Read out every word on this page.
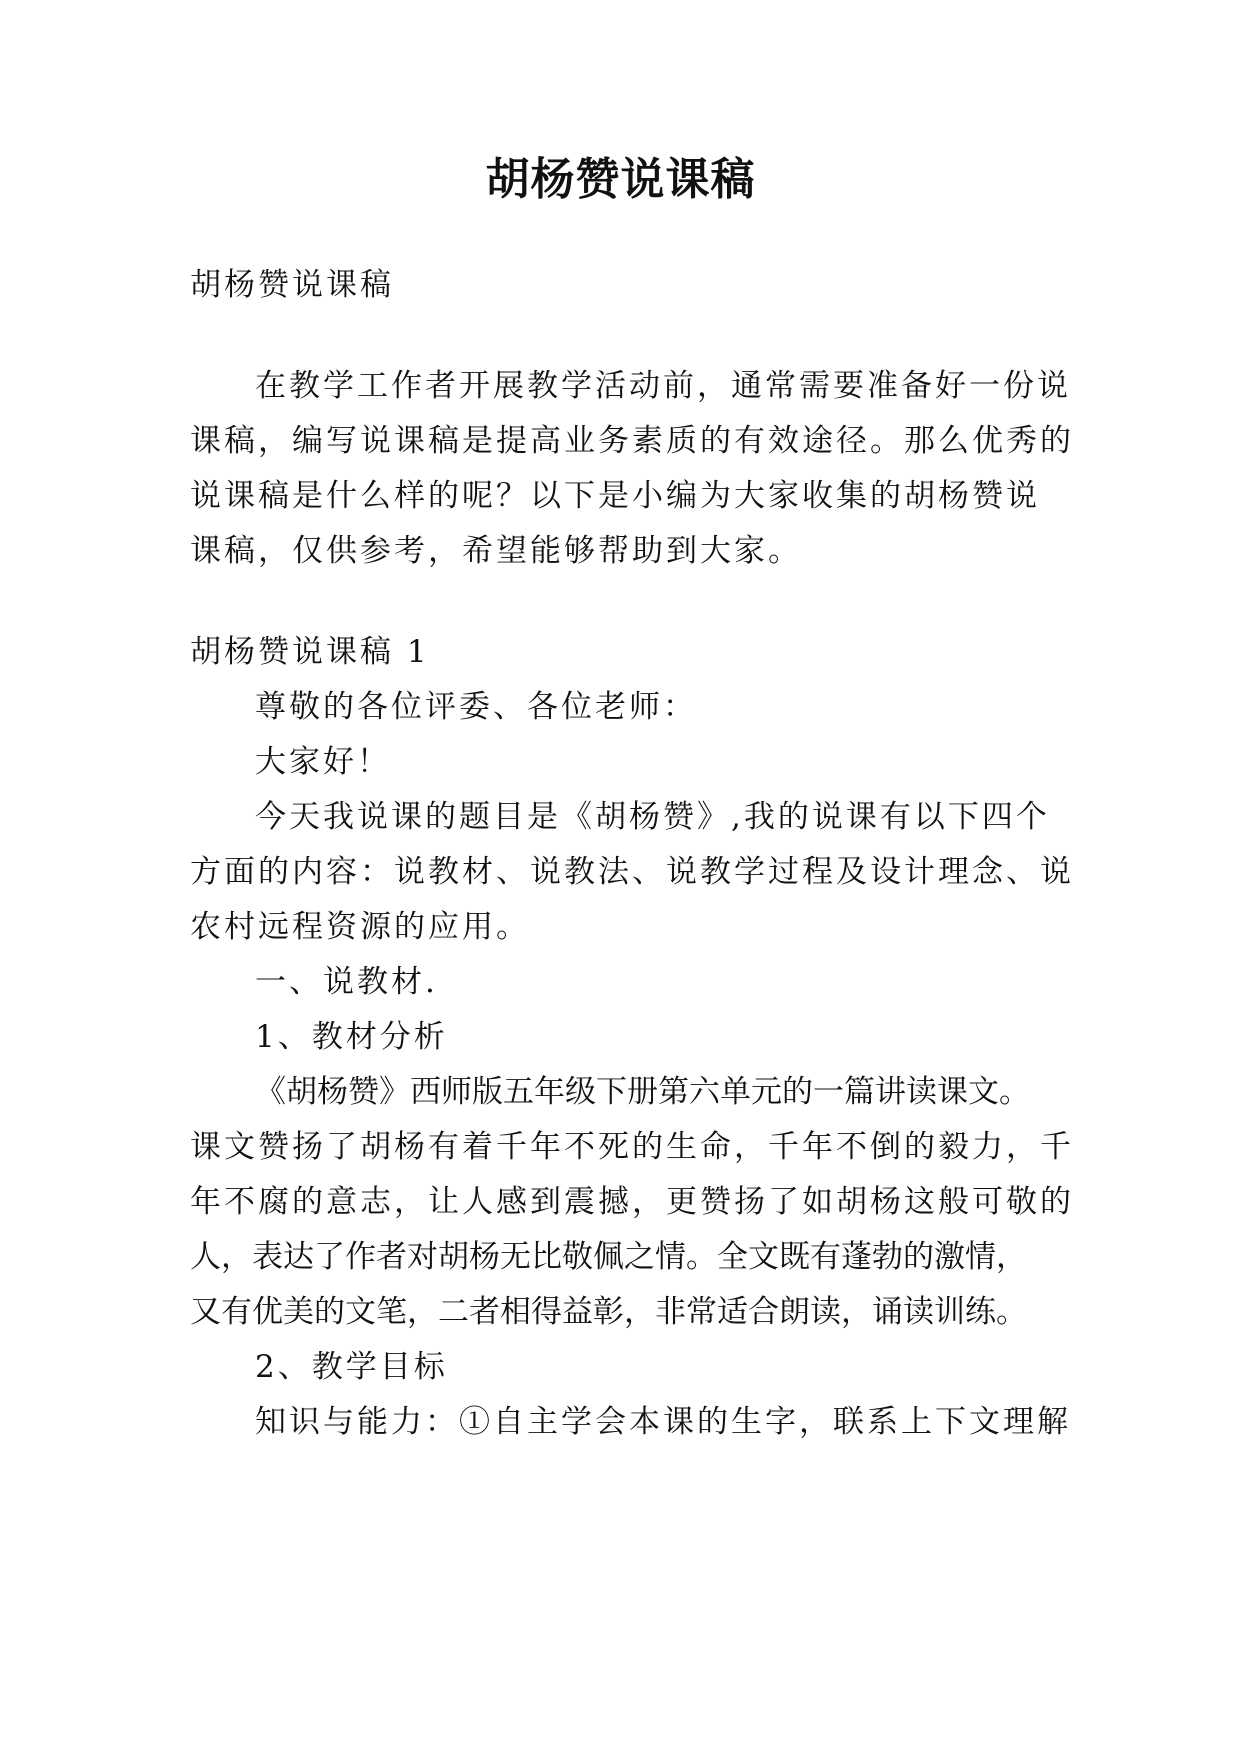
胡杨赞说课稿
胡杨赞说课稿
在教学工作者开展教学活动前，通常需要准备好一份说
课稿，编写说课稿是提高业务素质的有效途径。那么优秀的
说课稿是什么样的呢？以下是小编为大家收集的胡杨赞说
课稿，仅供参考，希望能够帮助到大家。
胡杨赞说课稿 1
尊敬的各位评委、各位老师：
大家好！
今天我说课的题目是《胡杨赞》,我的说课有以下四个
方面的内容：说教材、说教法、说教学过程及设计理念、说
农村远程资源的应用。
一、说教材.
1、教材分析
《胡杨赞》西师版五年级下册第六单元的一篇讲读课文。
课文赞扬了胡杨有着千年不死的生命，千年不倒的毅力，千
年不腐的意志，让人感到震撼，更赞扬了如胡杨这般可敬的
人，表达了作者对胡杨无比敬佩之情。全文既有蓬勃的激情，
又有优美的文笔，二者相得益彰，非常适合朗读，诵读训练。
2、教学目标
知识与能力：①自主学会本课的生字，联系上下文理解
